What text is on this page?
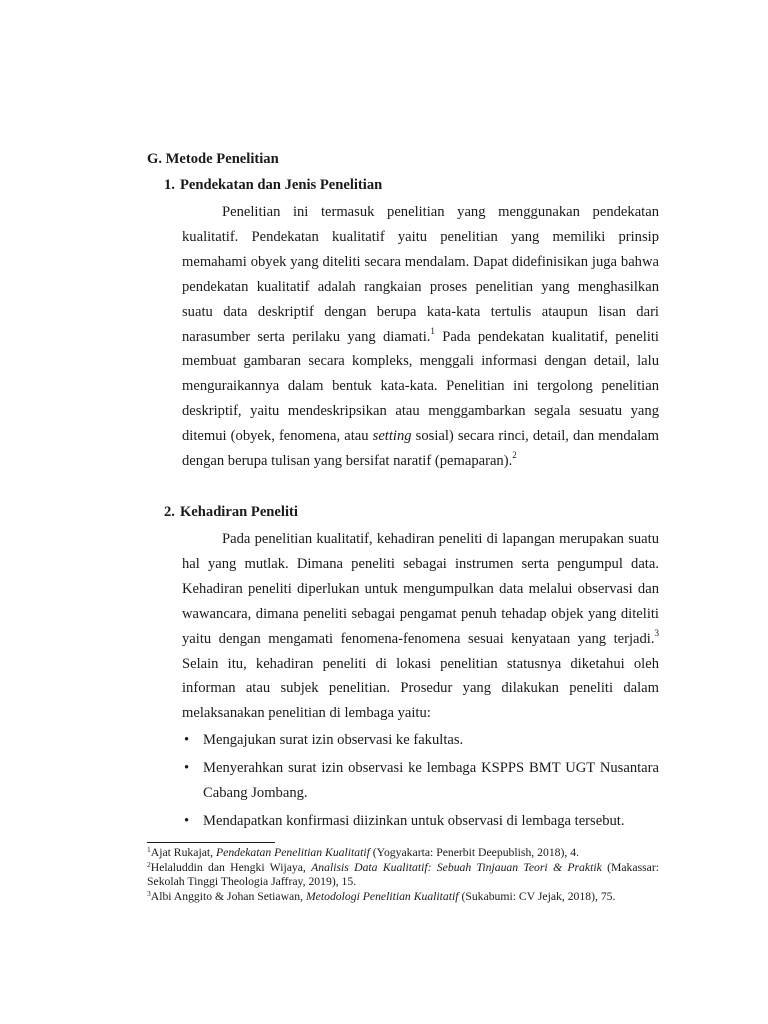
G. Metode Penelitian
1. Pendekatan dan Jenis Penelitian

Penelitian ini termasuk penelitian yang menggunakan pendekatan kualitatif. Pendekatan kualitatif yaitu penelitian yang memiliki prinsip memahami obyek yang diteliti secara mendalam. Dapat didefinisikan juga bahwa pendekatan kualitatif adalah rangkaian proses penelitian yang menghasilkan suatu data deskriptif dengan berupa kata-kata tertulis ataupun lisan dari narasumber serta perilaku yang diamati.$^1$ Pada pendekatan kualitatif, peneliti membuat gambaran secara kompleks, menggali informasi dengan detail, lalu menguraikannya dalam bentuk kata-kata. Penelitian ini tergolong penelitian deskriptif, yaitu mendeskripsikan atau menggambarkan segala sesuatu yang ditemui (obyek, fenomena, atau setting sosial) secara rinci, detail, dan mendalam dengan berupa tulisan yang bersifat naratif (pemaparan).$^2$

2. Kehadiran Peneliti

Pada penelitian kualitatif, kehadiran peneliti di lapangan merupakan suatu hal yang mutlak. Dimana peneliti sebagai instrumen serta pengumpul data. Kehadiran peneliti diperlukan untuk mengumpulkan data melalui observasi dan wawancara, dimana peneliti sebagai pengamat penuh tehadap objek yang diteliti yaitu dengan mengamati fenomena-fenomena sesuai kenyataan yang terjadi.$^3$ Selain itu, kehadiran peneliti di lokasi penelitian statusnya diketahui oleh informan atau subjek penelitian. Prosedur yang dilakukan peneliti dalam melaksanakan penelitian di lembaga yaitu:

• Mengajukan surat izin observasi ke fakultas.
• Menyerahkan surat izin observasi ke lembaga KSPPS BMT UGT Nusantara Cabang Jombang.
• Mendapatkan konfirmasi diizinkan untuk observasi di lembaga tersebut.
$^1$Ajat Rukajat, Pendekatan Penelitian Kualitatif (Yogyakarta: Penerbit Deepublish, 2018), 4.
$^2$Helaluddin dan Hengki Wijaya, Analisis Data Kualitatif: Sebuah Tinjauan Teori & Praktik (Makassar: Sekolah Tinggi Theologia Jaffray, 2019), 15.
$^3$Albi Anggito & Johan Setiawan, Metodologi Penelitian Kualitatif (Sukabumi: CV Jejak, 2018), 75.
